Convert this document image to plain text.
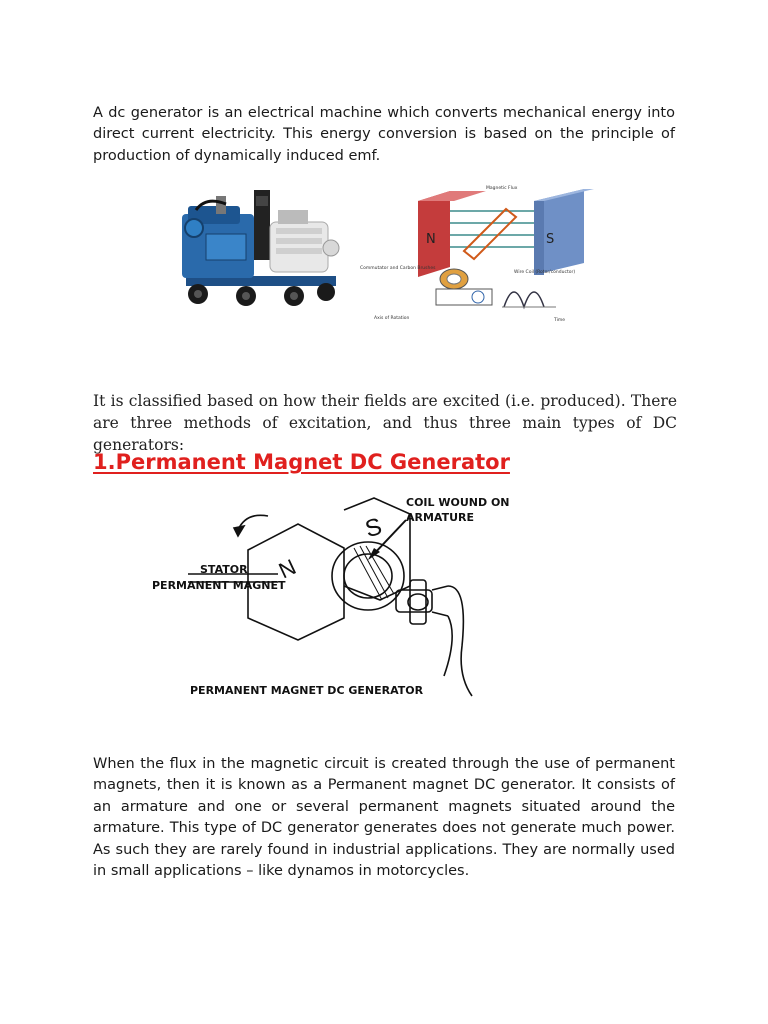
A dc generator is an electrical machine which converts mechanical energy into direct current electricity. This energy conversion is based on the principle of production of dynamically induced emf.

N	S
Magnetic Flux
Commutator and Carbon Brushes
Wire Coil (Rotor/conductor)
Axis of Rotation	Time

It is classified based on how their fields are excited (i.e. produced). There are three methods of excitation, and thus three main types of DC generators:

1.Permanent Magnet DC Generator
COIL WOUND ON
ARMATURE
STATOR
PERMANENT MAGNET
N
S
PERMANENT MAGNET DC GENERATOR

When the flux in the magnetic circuit is created through the use of permanent magnets, then it is known as a Permanent magnet DC generator. It consists of an armature and one or several permanent magnets situated around the armature. This type of DC generator generates does not generate much power. As such they are rarely found in industrial applications. They are normally used in small applications – like dynamos in motorcycles.
